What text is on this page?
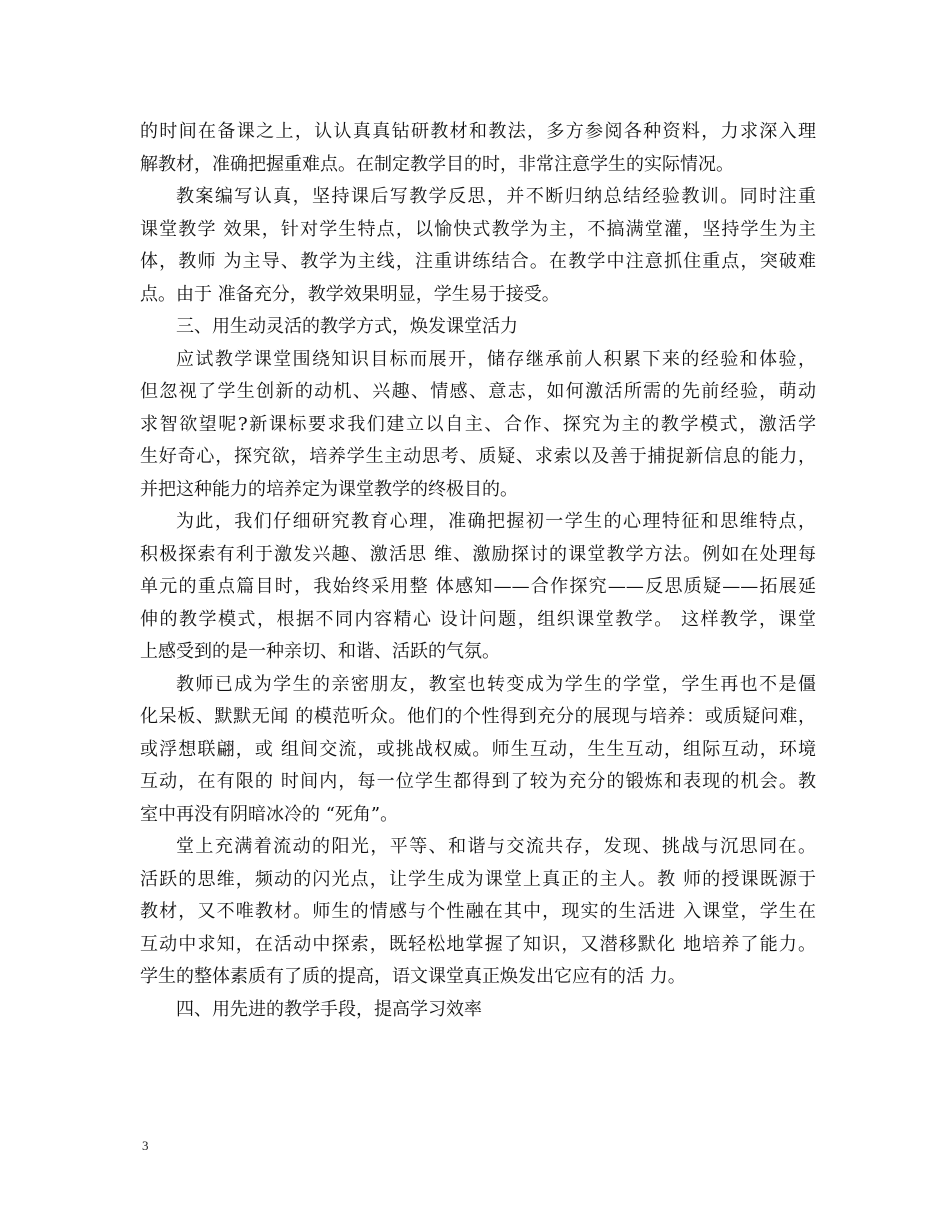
的时间在备课之上，认认真真钻研教材和教法，多方参阅各种资料，力求深入理
解教材，准确把握重难点。在制定教学目的时，非常注意学生的实际情况。
教案编写认真，坚持课后写教学反思，并不断归纳总结经验教训。同时注重
课堂教学 效果，针对学生特点，以愉快式教学为主，不搞满堂灌，坚持学生为主
体，教师 为主导、教学为主线，注重讲练结合。在教学中注意抓住重点，突破难
点。由于 准备充分，教学效果明显，学生易于接受。
三、用生动灵活的教学方式，焕发课堂活力
应试教学课堂围绕知识目标而展开，储存继承前人积累下来的经验和体验，
但忽视了学生创新的动机、兴趣、情感、意志，如何激活所需的先前经验，萌动
求智欲望呢?新课标要求我们建立以自主、合作、探究为主的教学模式，激活学
生好奇心，探究欲，培养学生主动思考、质疑、求索以及善于捕捉新信息的能力，
并把这种能力的培养定为课堂教学的终极目的。
为此，我们仔细研究教育心理，准确把握初一学生的心理特征和思维特点，
积极探索有利于激发兴趣、激活思 维、激励探讨的课堂教学方法。例如在处理每
单元的重点篇目时，我始终采用整 体感知——合作探究——反思质疑——拓展延
伸的教学模式，根据不同内容精心 设计问题，组织课堂教学。 这样教学，课堂
上感受到的是一种亲切、和谐、活跃的气氛。
教师已成为学生的亲密朋友，教室也转变成为学生的学堂，学生再也不是僵
化呆板、默默无闻 的模范听众。他们的个性得到充分的展现与培养：或质疑问难，
或浮想联翩，或 组间交流，或挑战权威。师生互动，生生互动，组际互动，环境
互动，在有限的 时间内，每一位学生都得到了较为充分的锻炼和表现的机会。教
室中再没有阴暗冰冷的 “死角”。
堂上充满着流动的阳光，平等、和谐与交流共存，发现、挑战与沉思同在。
活跃的思维，频动的闪光点，让学生成为课堂上真正的主人。教 师的授课既源于
教材，又不唯教材。师生的情感与个性融在其中，现实的生活进 入课堂，学生在
互动中求知，在活动中探索，既轻松地掌握了知识，又潜移默化 地培养了能力。
学生的整体素质有了质的提高，语文课堂真正焕发出它应有的活 力。
四、用先进的教学手段，提高学习效率
3
